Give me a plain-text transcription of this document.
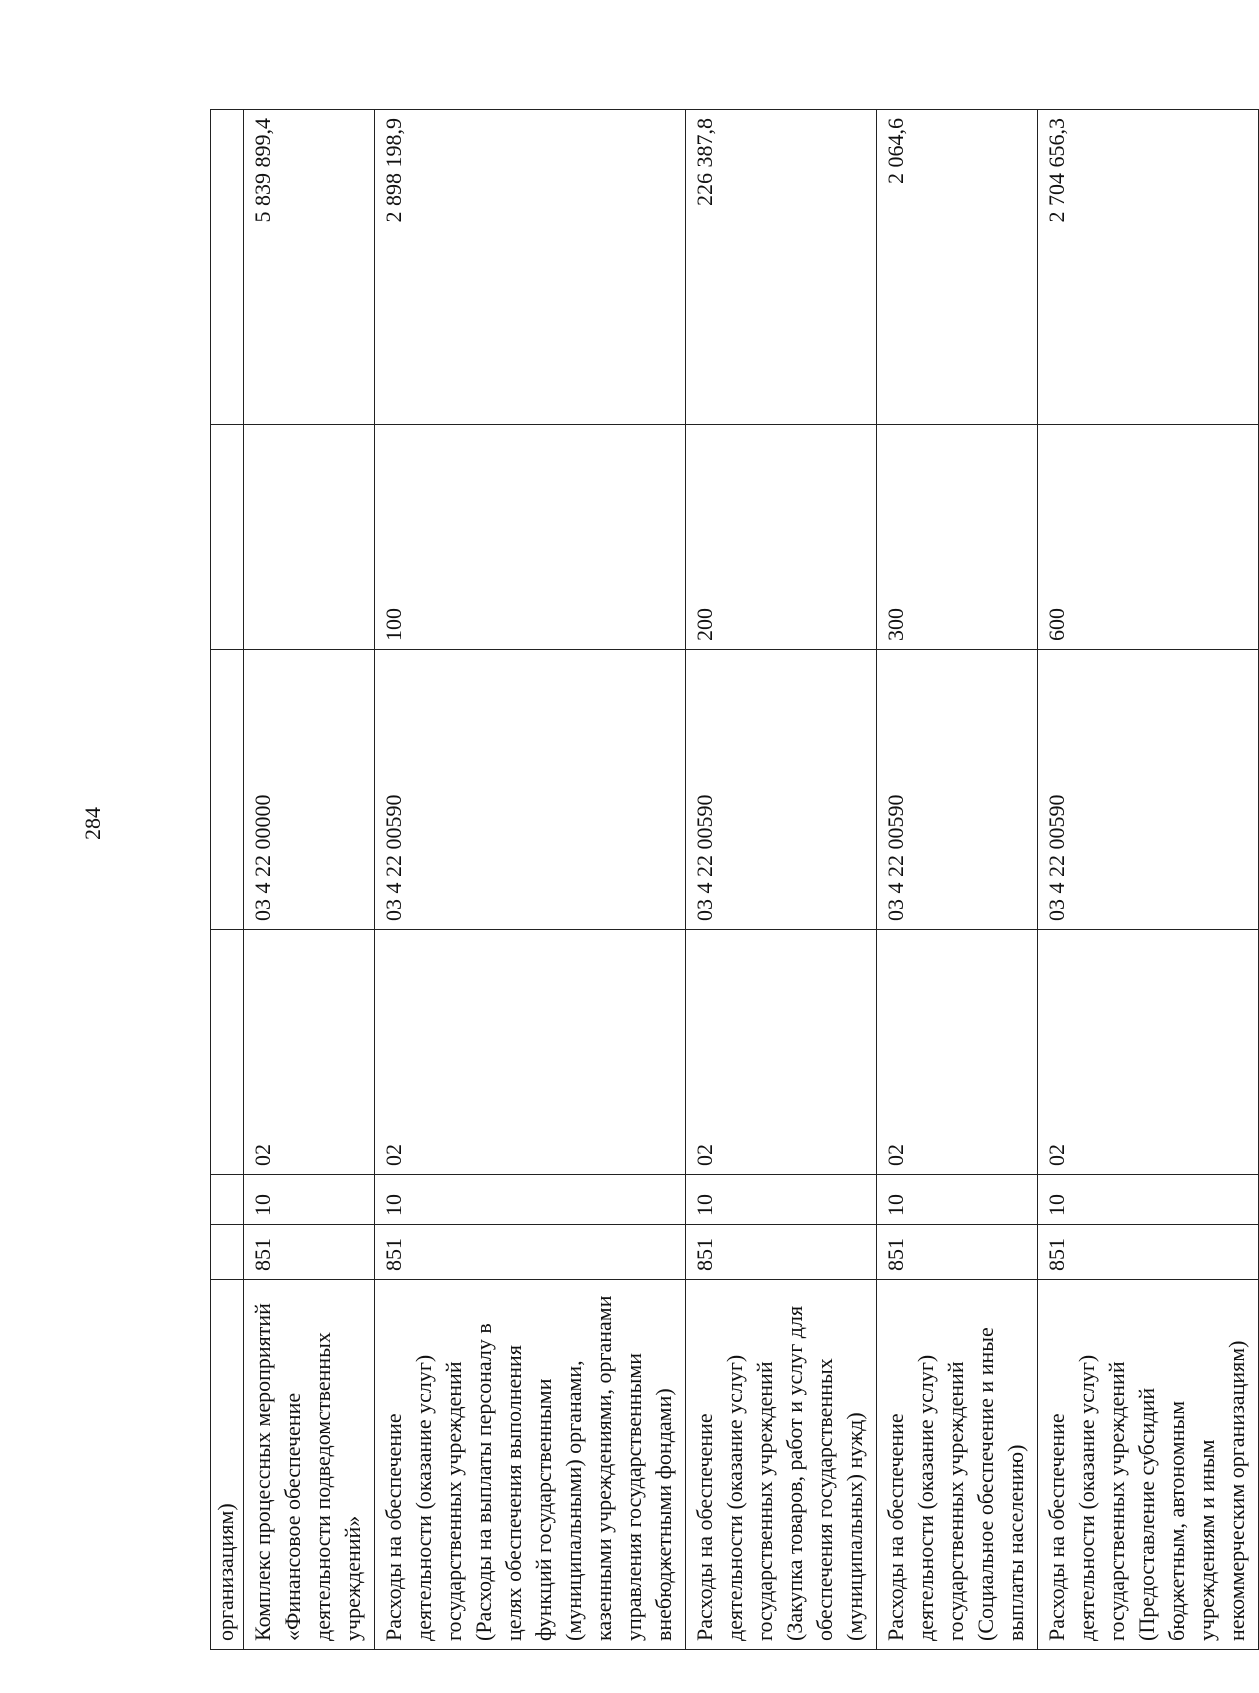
284
организациям)						
Комплекс процессных мероприятий «Финансовое обеспечение деятельности подведомственных учреждений»	851	10	02	03 4 22 00000		5 839 899,4
Расходы на обеспечение деятельности (оказание услуг) государственных учреждений (Расходы на выплаты персоналу в целях обеспечения выполнения функций государственными (муниципальными) органами, казенными учреждениями, органами управления государственными внебюджетными фондами)	851	10	02	03 4 22 00590	100	2 898 198,9
Расходы на обеспечение деятельности (оказание услуг) государственных учреждений (Закупка товаров, работ и услуг для обеспечения государственных (муниципальных) нужд)	851	10	02	03 4 22 00590	200	226 387,8
Расходы на обеспечение деятельности (оказание услуг) государственных учреждений (Социальное обеспечение и иные выплаты населению)	851	10	02	03 4 22 00590	300	2 064,6
Расходы на обеспечение деятельности (оказание услуг) государственных учреждений (Предоставление субсидий бюджетным, автономным учреждениям и иным некоммерческим организациям)	851	10	02	03 4 22 00590	600	2 704 656,3
